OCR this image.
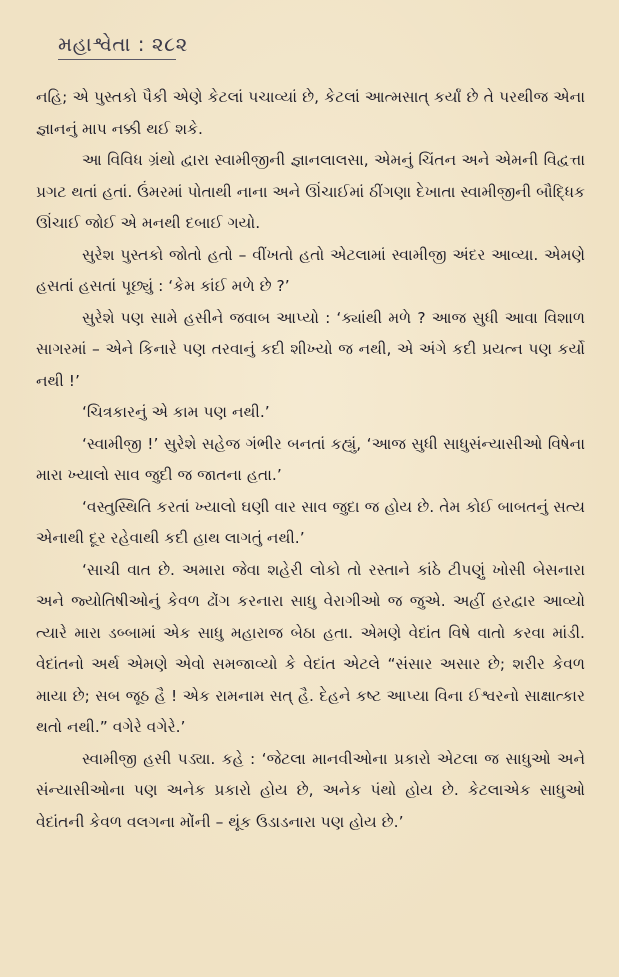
મહાશ્વેતા : ૨૮૨

નહિ; એ પુસ્તકો પૈકી એણે કેટલાં પચાવ્યાં છે, કેટલાં આત્મસાત્ કર્યાં છે તે પરથીજ એના જ્ઞાનનું માપ નક્કી થઈ શકે.

આ વિવિધ ગ્રંથો દ્વારા સ્વામીજીની જ્ઞાનલાલસા, એમનું ચિંતન અને એમની વિદ્વત્તા પ્રગટ થતાં હતાં. ઉંમરમાં પોતાથી નાના અને ઊંચાઈમાં ઠીંગણા દેખાતા સ્વામીજીની બૌદ્ધિક ઊંચાઈ જોઈ એ મનથી દબાઈ ગયો.

સુરેશ પુસ્તકો જોતો હતો – વીંખતો હતો એટલામાં સ્વામીજી અંદર આવ્યા. એમણે હસતાં હસતાં પૂછ્યું : ‘કેમ કાંઈ મળે છે ?’

સુરેશે પણ સામે હસીને જવાબ આપ્યો : ‘ક્યાંથી મળે ? આજ સુધી આવા વિશાળ સાગરમાં – એને કિનારે પણ તરવાનું કદી શીખ્યો જ નથી, એ અંગે કદી પ્રયત્ન પણ કર્યો નથી !’

‘ચિત્રકારનું એ કામ પણ નથી.’

‘સ્વામીજી !’ સુરેશે સહેજ ગંભીર બનતાં કહ્યું, ‘આજ સુધી સાધુસંન્યાસીઓ વિષેના મારા ખ્યાલો સાવ જુદી જ જાતના હતા.’

‘વસ્તુસ્થિતિ કરતાં ખ્યાલો ઘણી વાર સાવ જુદા જ હોય છે. તેમ કોઈ બાબતનું સત્ય એનાથી દૂર રહેવાથી કદી હાથ લાગતું નથી.’

‘સાચી વાત છે. અમારા જેવા શહેરી લોકો તો રસ્તાને કાંઠે ટીપણું ખોસી બેસનારા અને જ્યોતિષીઓનું કેવળ ઢોંગ કરનારા સાધુ વેરાગીઓ જ જુએ. અહીં હરદ્વાર આવ્યો ત્યારે મારા ડબ્બામાં એક સાધુ મહારાજ બેઠા હતા. એમણે વેદાંત વિષે વાતો કરવા માંડી. વેદાંતનો અર્થ એમણે એવો સમજાવ્યો કે વેદાંત એટલે “સંસાર અસાર છે; શરીર કેવળ માયા છે; સબ જૂઠ હૈ ! એક રામનામ સત્ હૈ. દેહને કષ્ટ આપ્યા વિના ઈશ્વરનો સાક્ષાત્કાર થતો નથી.” વગેરે વગેરે.’

સ્વામીજી હસી પડ્યા. કહે : ‘જેટલા માનવીઓના પ્રકારો એટલા જ સાધુઓ અને સંન્યાસીઓના પણ અનેક પ્રકારો હોય છે, અનેક પંથો હોય છે. કેટલાએક સાધુઓ વેદાંતની કેવળ વલગના મોંની – થૂંક ઉડાડનારા પણ હોય છે.’
